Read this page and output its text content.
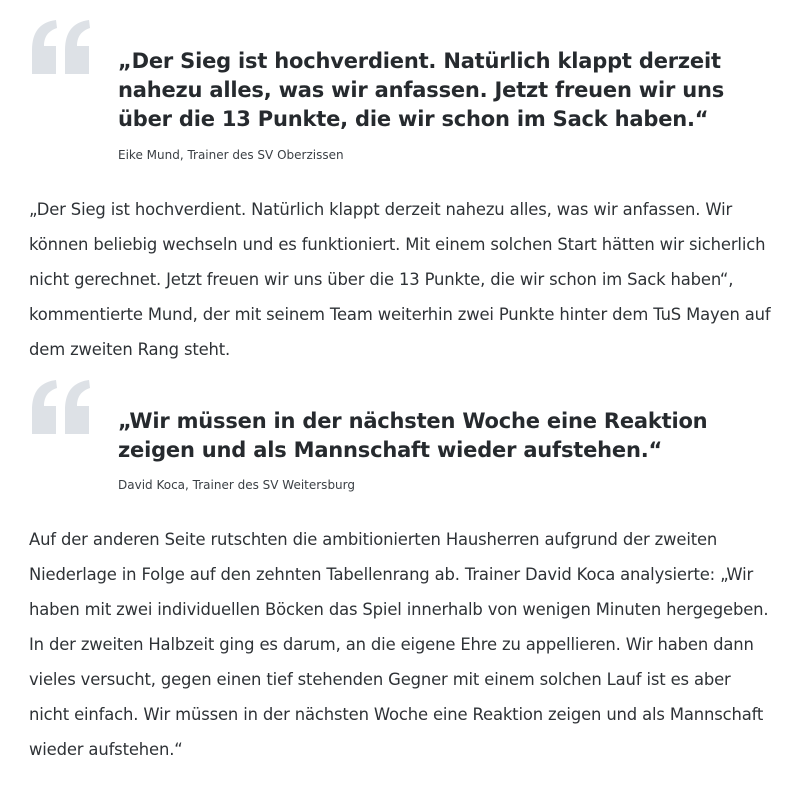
„Der Sieg ist hochverdient. Natürlich klappt derzeit nahezu alles, was wir anfassen. Jetzt freuen wir uns über die 13 Punkte, die wir schon im Sack haben.“

Eike Mund, Trainer des SV Oberzissen

„Der Sieg ist hochverdient. Natürlich klappt derzeit nahezu alles, was wir anfassen. Wir können beliebig wechseln und es funktioniert. Mit einem solchen Start hätten wir sicherlich nicht gerechnet. Jetzt freuen wir uns über die 13 Punkte, die wir schon im Sack haben“, kommentierte Mund, der mit seinem Team weiterhin zwei Punkte hinter dem TuS Mayen auf dem zweiten Rang steht.

„Wir müssen in der nächsten Woche eine Reaktion zeigen und als Mannschaft wieder aufstehen.“

David Koca, Trainer des SV Weitersburg

Auf der anderen Seite rutschten die ambitionierten Hausherren aufgrund der zweiten Niederlage in Folge auf den zehnten Tabellenrang ab. Trainer David Koca analysierte: „Wir haben mit zwei individuellen Böcken das Spiel innerhalb von wenigen Minuten hergegeben. In der zweiten Halbzeit ging es darum, an die eigene Ehre zu appellieren. Wir haben dann vieles versucht, gegen einen tief stehenden Gegner mit einem solchen Lauf ist es aber nicht einfach. Wir müssen in der nächsten Woche eine Reaktion zeigen und als Mannschaft wieder aufstehen.“
